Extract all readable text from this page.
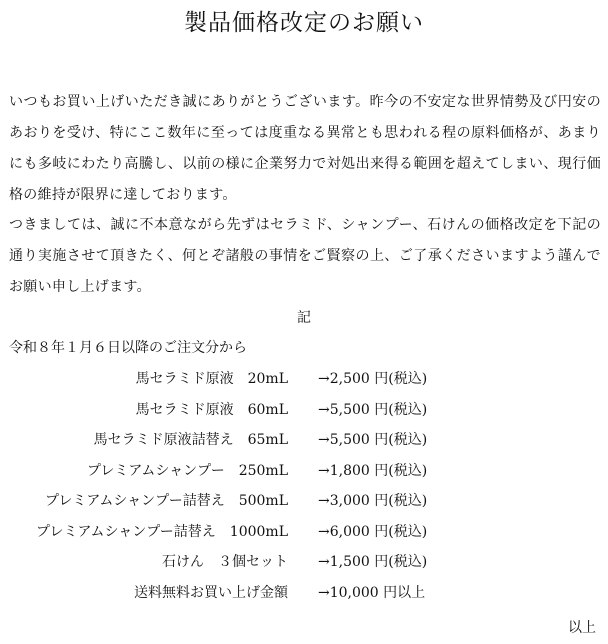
製品価格改定のお願い
いつもお買い上げいただき誠にありがとうございます。昨今の不安定な世界情勢及び円安のあおりを受け、特にここ数年に至っては度重なる異常とも思われる程の原料価格が、あまりにも多岐にわたり高騰し、以前の様に企業努力で対処出来得る範囲を超えてしまい、現行価格の維持が限界に達しております。
つきましては、誠に不本意ながら先ずはセラミド、シャンプー、石けんの価格改定を下記の通り実施させて頂きたく、何とぞ諸般の事情をご賢察の上、ご了承くださいますよう謹んでお願い申し上げます。
記
令和８年１月６日以降のご注文分から
馬セラミド原液　20mL →2,500 円(税込)
馬セラミド原液　60mL →5,500 円(税込)
馬セラミド原液詰替え　65mL →5,500 円(税込)
プレミアムシャンプー　250mL →1,800 円(税込)
プレミアムシャンプー詰替え　500mL →3,000 円(税込)
プレミアムシャンプー詰替え　1000mL →6,000 円(税込)
石けん　３個セット →1,500 円(税込)
送料無料お買い上げ金額 →10,000 円以上
以上
